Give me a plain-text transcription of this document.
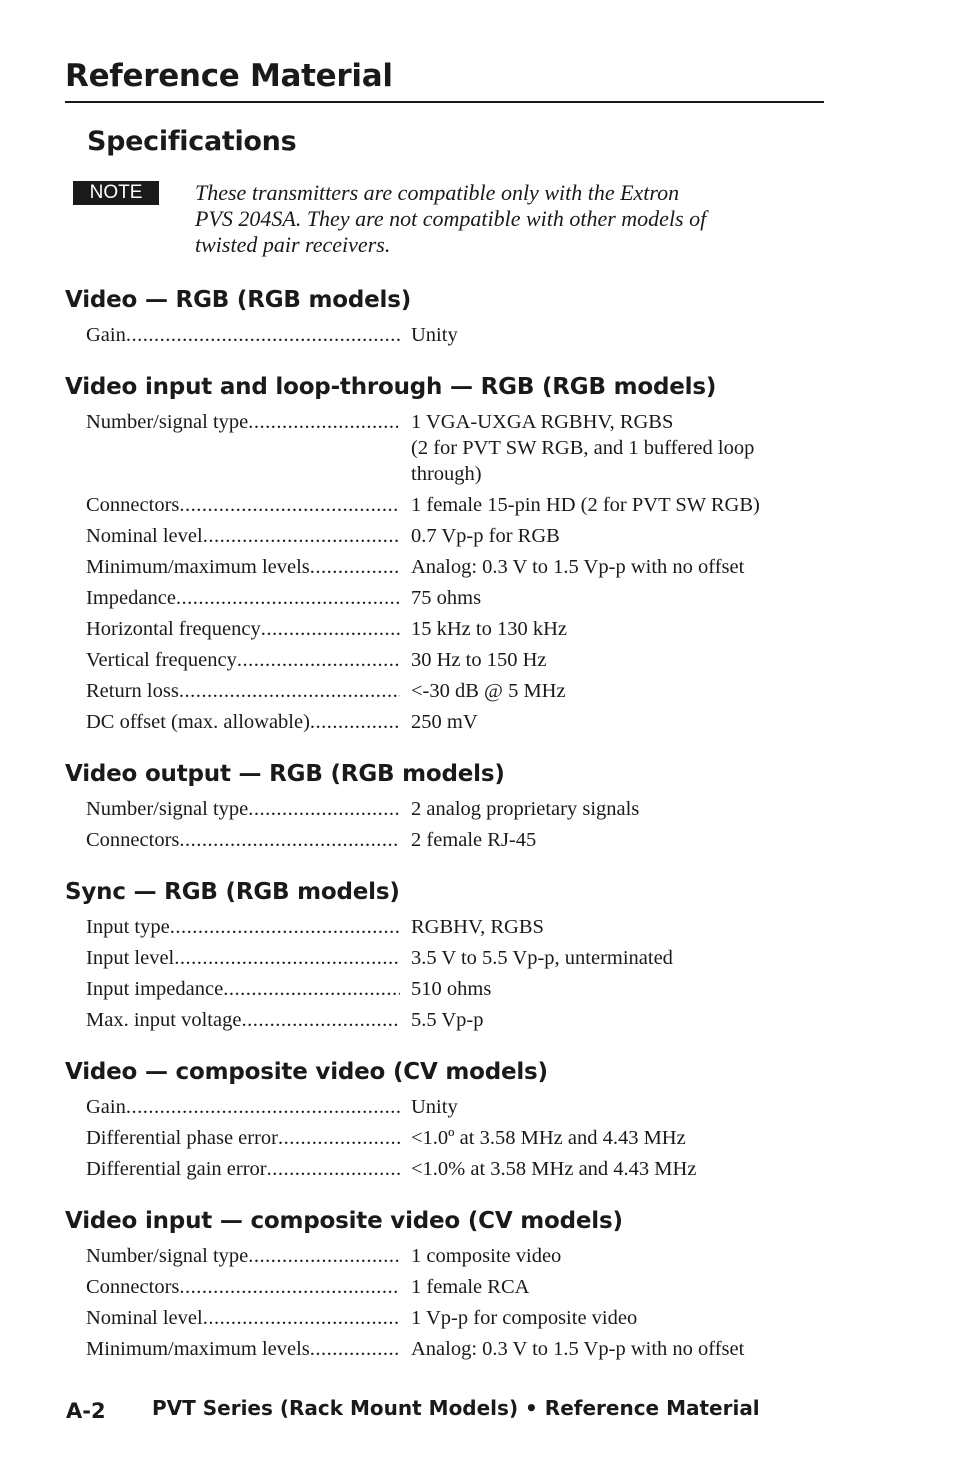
Reference Material
Specifications
NOTE	These transmitters are compatible only with the Extron
PVS 204SA. They are not compatible with other models of
twisted pair receivers.

Video — RGB (RGB models)
Gain .....	Unity
Video input and loop-through — RGB (RGB models)
Number/signal type .....	1 VGA-UXGA RGBHV, RGBS
(2 for PVT SW RGB, and 1 buffered loop
through)
Connectors .....	1 female 15-pin HD (2 for PVT SW RGB)
Nominal level .....	0.7 Vp-p for RGB
Minimum/maximum levels .....	Analog: 0.3 V to 1.5 Vp-p with no offset
Impedance .....	75 ohms
Horizontal frequency .....	15 kHz to 130 kHz
Vertical frequency .....	30 Hz to 150 Hz
Return loss .....	<-30 dB @ 5 MHz
DC offset (max. allowable) .....	250 mV
Video output — RGB (RGB models)
Number/signal type .....	2 analog proprietary signals
Connectors .....	2 female RJ-45
Sync — RGB (RGB models)
Input type .....	RGBHV, RGBS
Input level .....	3.5 V to 5.5 Vp-p, unterminated
Input impedance .....	510 ohms
Max. input voltage .....	5.5 Vp-p
Video — composite video (CV models)
Gain .....	Unity
Differential phase error .....	<1.0º at 3.58 MHz and 4.43 MHz
Differential gain error .....	<1.0% at 3.58 MHz and 4.43 MHz
Video input — composite video (CV models)
Number/signal type .....	1 composite video
Connectors .....	1 female RCA
Nominal level .....	1 Vp-p for composite video
Minimum/maximum levels .....	Analog: 0.3 V to 1.5 Vp-p with no offset
A-2 PVT Series (Rack Mount Models) • Reference Material
